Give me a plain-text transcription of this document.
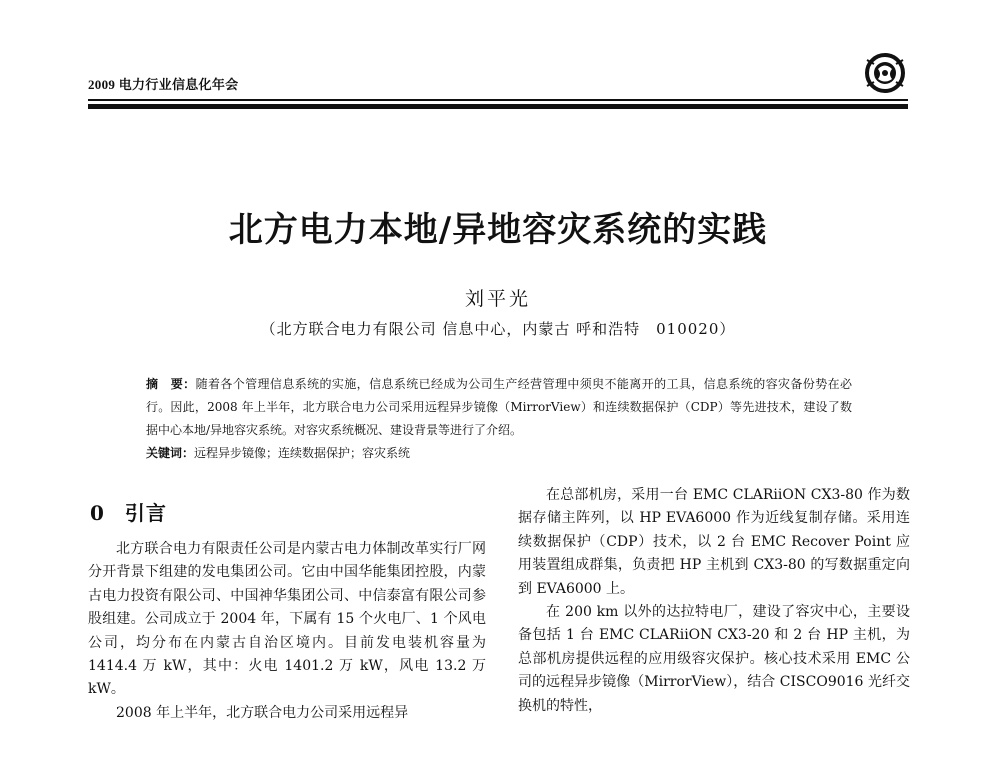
2009 电力行业信息化年会
北方电力本地/异地容灾系统的实践
刘平光
（北方联合电力有限公司 信息中心，内蒙古 呼和浩特　010020）
摘　要：随着各个管理信息系统的实施，信息系统已经成为公司生产经营管理中须臾不能离开的工具，信息系统的容灾备份势在必行。因此，2008 年上半年，北方联合电力公司采用远程异步镜像（MirrorView）和连续数据保护（CDP）等先进技术，建设了数据中心本地/异地容灾系统。对容灾系统概况、建设背景等进行了介绍。
关键词：远程异步镜像；连续数据保护；容灾系统
0 引言

北方联合电力有限责任公司是内蒙古电力体制改革实行厂网分开背景下组建的发电集团公司。它由中国华能集团控股，内蒙古电力投资有限公司、中国神华集团公司、中信泰富有限公司参股组建。公司成立于 2004 年，下属有 15 个火电厂、1 个风电公司，均分布在内蒙古自治区境内。目前发电装机容量为 1414.4 万 kW，其中：火电 1401.2 万 kW，风电 13.2 万 kW。

2008 年上半年，北方联合电力公司采用远程异

在总部机房，采用一台 EMC CLARiiON CX3-80 作为数据存储主阵列，以 HP EVA6000 作为近线复制存储。采用连续数据保护（CDP）技术，以 2 台 EMC Recover Point 应用装置组成群集，负责把 HP 主机到 CX3-80 的写数据重定向到 EVA6000 上。

在 200 km 以外的达拉特电厂，建设了容灾中心，主要设备包括 1 台 EMC CLARiiON CX3-20 和 2 台 HP 主机，为总部机房提供远程的应用级容灾保护。核心技术采用 EMC 公司的远程异步镜像（MirrorView），结合 CISCO9016 光纤交换机的特性，
